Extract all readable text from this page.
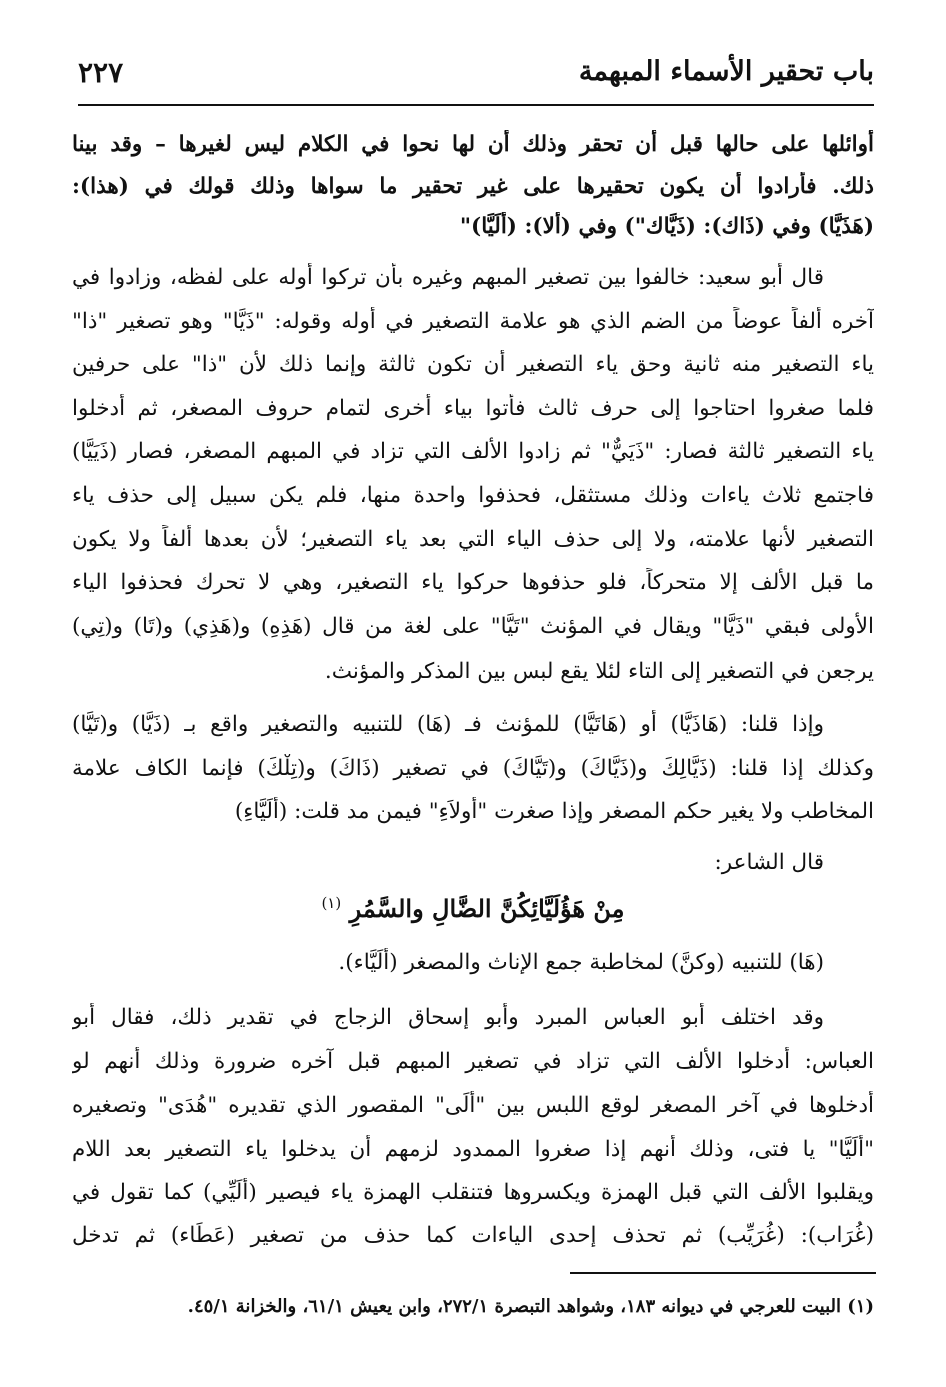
باب تحقير الأسماء المبهمة
٢٢٧
أوائلها على حالها قبل أن تحقر وذلك أن لها نحوا في الكلام ليس لغيرها – وقد بينا
ذلك. فأرادوا أن يكون تحقيرها على غير تحقير ما سواها وذلك قولك في (هذا):
(هَذَيَّا) وفي (ذَاك): (ذَيَّاك") وفي (ألا): (أُلَيَّا)"
قال أبو سعيد: خالفوا بين تصغير المبهم وغيره بأن تركوا أوله على لفظه، وزادوا في
آخره ألفاً عوضاً من الضم الذي هو علامة التصغير في أوله وقوله: "ذَيَّا" وهو تصغير "ذا"
ياء التصغير منه ثانية وحق ياء التصغير أن تكون ثالثة وإنما ذلك لأن "ذا" على حرفين
فلما صغروا احتاجوا إلى حرف ثالث فأتوا بياء أخرى لتمام حروف المصغر، ثم أدخلوا
ياء التصغير ثالثة فصار: "ذَيَيٌّ" ثم زادوا الألف التي تزاد في المبهم المصغر، فصار (ذَيَيَّا)
فاجتمع ثلاث ياءات وذلك مستثقل، فحذفوا واحدة منها، فلم يكن سبيل إلى حذف ياء
التصغير لأنها علامته، ولا إلى حذف الياء التي بعد ياء التصغير؛ لأن بعدها ألفاً ولا يكون
ما قبل الألف إلا متحركاً، فلو حذفوها حركوا ياء التصغير، وهي لا تحرك فحذفوا الياء
الأولى فبقي "ذَيَّا" ويقال في المؤنث "تَيَّا" على لغة من قال (هَذِهِ) و(هَذِي) و(تَا) و(تِي)
يرجعن في التصغير إلى التاء لئلا يقع لبس بين المذكر والمؤنث.
وإذا قلنا: (هَاذَيَّا) أو (هَاتَيَّا) للمؤنث فـ (هَا) للتنبيه والتصغير واقع بـ (ذَيَّا) و(تَيَّا)
وكذلك إذا قلنا: (ذَيَّالِكَ و(ذَيَّاكَ) و(تَيَّاكَ) في تصغير (ذَاكَ) و(تِلْكَ) فإنما الكاف علامة
المخاطب ولا يغير حكم المصغر وإذا صغرت "أُولاَءِ" فيمن مد قلت: (أُلَيَّاءِ)
قال الشاعر:
مِنْ هَؤُلَيَّائِكُنَّ الضَّالِ والسَّمُرِ $^{(١)}$
(هَا) للتنبيه (وكنَّ) لمخاطبة جمع الإناث والمصغر (أُلَيَّاء).
وقد اختلف أبو العباس المبرد وأبو إسحاق الزجاج في تقدير ذلك، فقال أبو
العباس: أدخلوا الألف التي تزاد في تصغير المبهم قبل آخره ضرورة وذلك أنهم لو
أدخلوها في آخر المصغر لوقع اللبس بين "أُلَى" المقصور الذي تقديره "هُدَى" وتصغيره
"أُلَيَّا" يا فتى، وذلك أنهم إذا صغروا الممدود لزمهم أن يدخلوا ياء التصغير بعد اللام
ويقلبوا الألف التي قبل الهمزة ويكسروها فتنقلب الهمزة ياء فيصير (أُلَيِّي) كما تقول في
(غُرَاب): (غُرَيِّب) ثم تحذف إحدى الياءات كما حذف من تصغير (عَطَاء) ثم تدخل
(١) البيت للعرجي في ديوانه ١٨٣، وشواهد التبصرة ٢٧٢/١، وابن يعيش ٦١/١، والخزانة ٤٥/١.
